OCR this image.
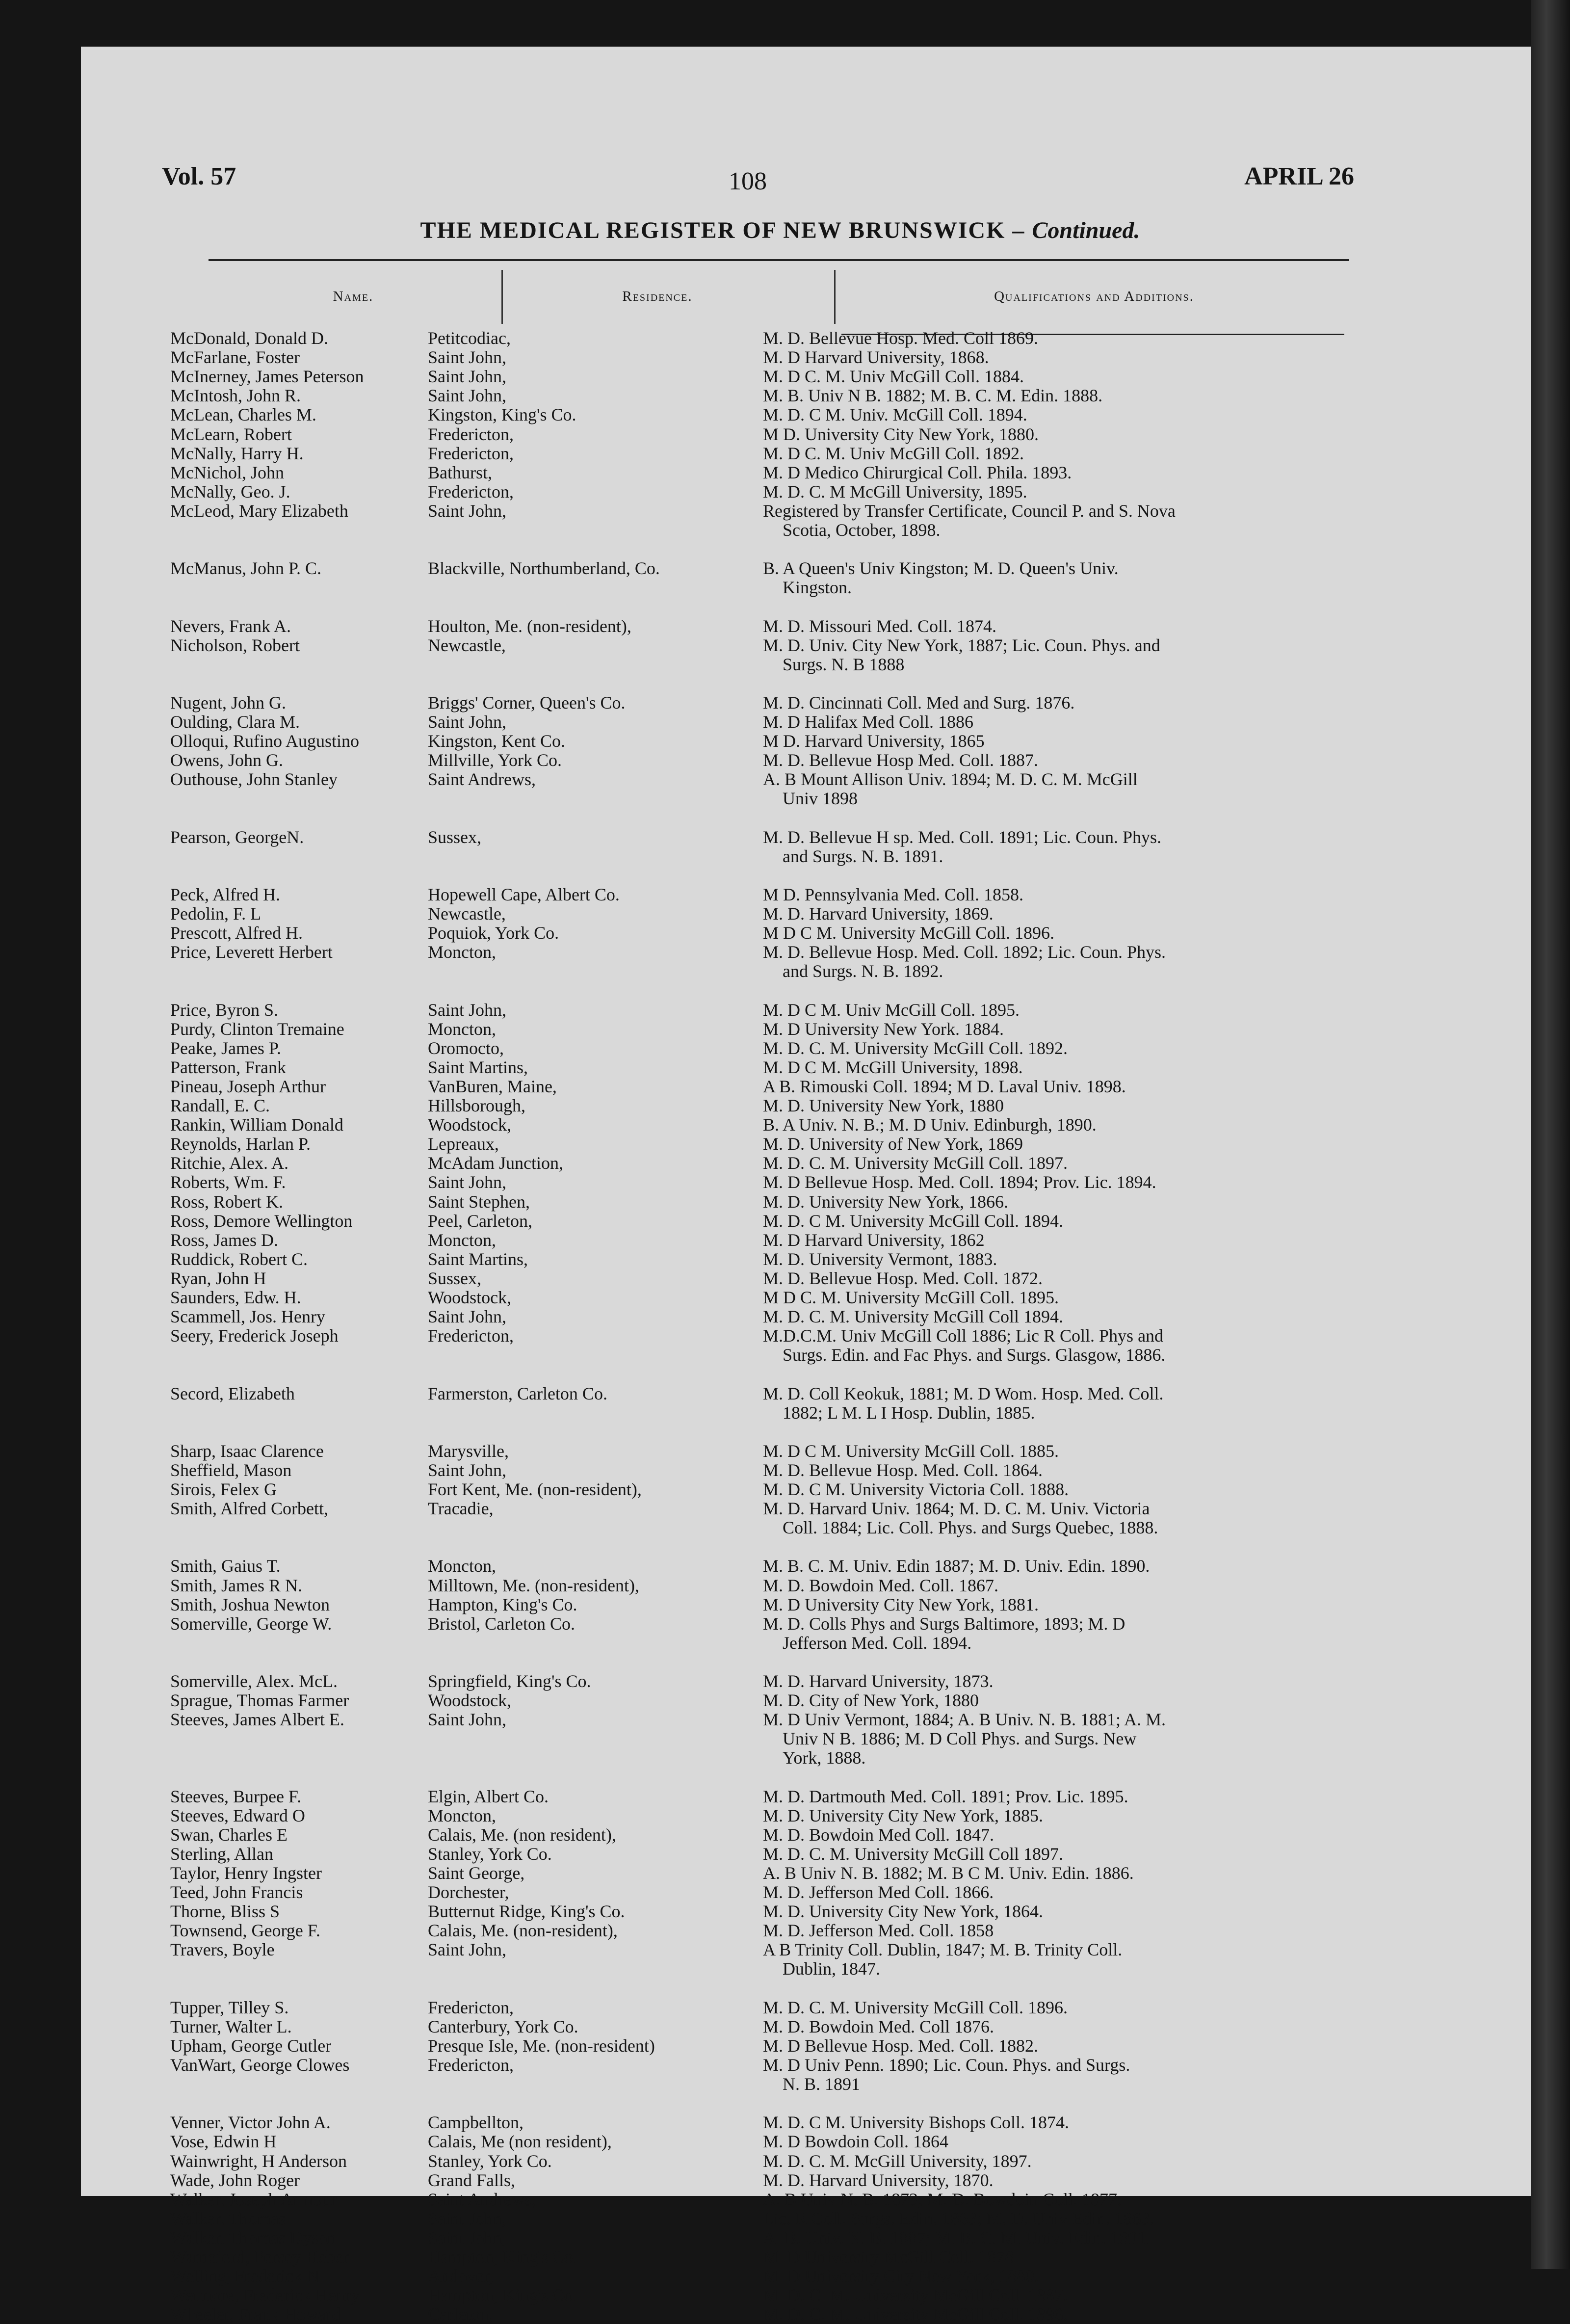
Vol. 57	108	APRIL 26
THE MEDICAL REGISTER OF NEW BRUNSWICK – Continued.
Name.	Residence.	Qualifications and Additions.
McDonald, Donald D.	Petitcodiac,	M. D. Bellevue Hosp. Med. Coll 1869.
McFarlane, Foster	Saint John,	M. D Harvard University, 1868.
McInerney, James Peterson	Saint John,	M. D C. M. Univ McGill Coll. 1884.
McIntosh, John R.	Saint John,	M. B. Univ N B. 1882; M. B. C. M. Edin. 1888.
McLean, Charles M.	Kingston, King's Co.	M. D. C M. Univ. McGill Coll. 1894.
McLearn, Robert	Fredericton,	M D. University City New York, 1880.
McNally, Harry H.	Fredericton,	M. D C. M. Univ McGill Coll. 1892.
McNichol, John	Bathurst,	M. D Medico Chirurgical Coll. Phila. 1893.
McNally, Geo. J.	Fredericton,	M. D. C. M McGill University, 1895.
McLeod, Mary Elizabeth	Saint John,	Registered by Transfer Certificate, Council P. and S. Nova
Scotia, October, 1898.
McManus, John P. C.	Blackville, Northumberland, Co.	B. A Queen's Univ Kingston; M. D. Queen's Univ.
Kingston.
Nevers, Frank A.	Houlton, Me. (non-resident),	M. D. Missouri Med. Coll. 1874.
Nicholson, Robert	Newcastle,	M. D. Univ. City New York, 1887; Lic. Coun. Phys. and
Surgs. N. B 1888
Nugent, John G.	Briggs' Corner, Queen's Co.	M. D. Cincinnati Coll. Med and Surg. 1876.
Oulding, Clara M.	Saint John,	M. D Halifax Med Coll. 1886
Olloqui, Rufino Augustino	Kingston, Kent Co.	M D. Harvard University, 1865
Owens, John G.	Millville, York Co.	M. D. Bellevue Hosp Med. Coll. 1887.
Outhouse, John Stanley	Saint Andrews,	A. B Mount Allison Univ. 1894; M. D. C. M. McGill
Univ 1898
Pearson, GeorgeN.	Sussex,	M. D. Bellevue H sp. Med. Coll. 1891; Lic. Coun. Phys.
and Surgs. N. B. 1891.
Peck, Alfred H.	Hopewell Cape, Albert Co.	M D. Pennsylvania Med. Coll. 1858.
Pedolin, F. L	Newcastle,	M. D. Harvard University, 1869.
Prescott, Alfred H.	Poquiok, York Co.	M D C M. University McGill Coll. 1896.
Price, Leverett Herbert	Moncton,	M. D. Bellevue Hosp. Med. Coll. 1892; Lic. Coun. Phys.
and Surgs. N. B. 1892.
Price, Byron S.	Saint John,	M. D C M. Univ McGill Coll. 1895.
Purdy, Clinton Tremaine	Moncton,	M. D University New York. 1884.
Peake, James P.	Oromocto,	M. D. C. M. University McGill Coll. 1892.
Patterson, Frank	Saint Martins,	M. D C M. McGill University, 1898.
Pineau, Joseph Arthur	VanBuren, Maine,	A B. Rimouski Coll. 1894; M D. Laval Univ. 1898.
Randall, E. C.	Hillsborough,	M. D. University New York, 1880
Rankin, William Donald	Woodstock,	B. A Univ. N. B.; M. D Univ. Edinburgh, 1890.
Reynolds, Harlan P.	Lepreaux,	M. D. University of New York, 1869
Ritchie, Alex. A.	McAdam Junction,	M. D. C. M. University McGill Coll. 1897.
Roberts, Wm. F.	Saint John,	M. D Bellevue Hosp. Med. Coll. 1894; Prov. Lic. 1894.
Ross, Robert K.	Saint Stephen,	M. D. University New York, 1866.
Ross, Demore Wellington	Peel, Carleton,	M. D. C M. University McGill Coll. 1894.
Ross, James D.	Moncton,	M. D Harvard University, 1862
Ruddick, Robert C.	Saint Martins,	M. D. University Vermont, 1883.
Ryan, John H	Sussex,	M. D. Bellevue Hosp. Med. Coll. 1872.
Saunders, Edw. H.	Woodstock,	M D C. M. University McGill Coll. 1895.
Scammell, Jos. Henry	Saint John,	M. D. C. M. University McGill Coll 1894.
Seery, Frederick Joseph	Fredericton,	M.D.C.M. Univ McGill Coll 1886; Lic R Coll. Phys and
Surgs. Edin. and Fac Phys. and Surgs. Glasgow, 1886.
Secord, Elizabeth	Farmerston, Carleton Co.	M. D. Coll Keokuk, 1881; M. D Wom. Hosp. Med. Coll.
1882; L M. L I Hosp. Dublin, 1885.
Sharp, Isaac Clarence	Marysville,	M. D C M. University McGill Coll. 1885.
Sheffield, Mason	Saint John,	M. D. Bellevue Hosp. Med. Coll. 1864.
Sirois, Felex G	Fort Kent, Me. (non-resident),	M. D. C M. University Victoria Coll. 1888.
Smith, Alfred Corbett,	Tracadie,	M. D. Harvard Univ. 1864; M. D. C. M. Univ. Victoria
Coll. 1884; Lic. Coll. Phys. and Surgs Quebec, 1888.
Smith, Gaius T.	Moncton,	M. B. C. M. Univ. Edin 1887; M. D. Univ. Edin. 1890.
Smith, James R N.	Milltown, Me. (non-resident),	M. D. Bowdoin Med. Coll. 1867.
Smith, Joshua Newton	Hampton, King's Co.	M. D University City New York, 1881.
Somerville, George W.	Bristol, Carleton Co.	M. D. Colls Phys and Surgs Baltimore, 1893; M. D
Jefferson Med. Coll. 1894.
Somerville, Alex. McL.	Springfield, King's Co.	M. D. Harvard University, 1873.
Sprague, Thomas Farmer	Woodstock,	M. D. City of New York, 1880
Steeves, James Albert E.	Saint John,	M. D Univ Vermont, 1884; A. B Univ. N. B. 1881; A. M.
Univ N B. 1886; M. D Coll Phys. and Surgs. New
York, 1888.
Steeves, Burpee F.	Elgin, Albert Co.	M. D. Dartmouth Med. Coll. 1891; Prov. Lic. 1895.
Steeves, Edward O	Moncton,	M. D. University City New York, 1885.
Swan, Charles E	Calais, Me. (non resident),	M. D. Bowdoin Med Coll. 1847.
Sterling, Allan	Stanley, York Co.	M. D. C. M. University McGill Coll 1897.
Taylor, Henry Ingster	Saint George,	A. B Univ N. B. 1882; M. B C M. Univ. Edin. 1886.
Teed, John Francis	Dorchester,	M. D. Jefferson Med Coll. 1866.
Thorne, Bliss S	Butternut Ridge, King's Co.	M. D. University City New York, 1864.
Townsend, George F.	Calais, Me. (non-resident),	M. D. Jefferson Med. Coll. 1858
Travers, Boyle	Saint John,	A B Trinity Coll. Dublin, 1847; M. B. Trinity Coll.
Dublin, 1847.
Tupper, Tilley S.	Fredericton,	M. D. C. M. University McGill Coll. 1896.
Turner, Walter L.	Canterbury, York Co.	M. D. Bowdoin Med. Coll 1876.
Upham, George Cutler	Presque Isle, Me. (non-resident)	M. D Bellevue Hosp. Med. Coll. 1882.
VanWart, George Clowes	Fredericton,	M. D Univ Penn. 1890; Lic. Coun. Phys. and Surgs.
N. B. 1891
Venner, Victor John A.	Campbellton,	M. D. C M. University Bishops Coll. 1874.
Vose, Edwin H	Calais, Me (non resident),	M. D Bowdoin Coll. 1864
Wainwright, H Anderson	Stanley, York Co.	M. D. C. M. McGill University, 1897.
Wade, John Roger	Grand Falls,	M. D. Harvard University, 1870.
Walker, Joseph Armour	Saint Andrews,	A. B Univ N. B. 1873; M. D. Bowdoin Coll. 1877.
Walker, Thomas	Saint John,	Lic. R Coll. Surgs. Edin. 1863; M. D. Univ Edin. 1863.
Walker, Thomas Dyson	Saint John,	A. B. Univ. N. B. 1887; M. B. C. M. Univ. Edin. 1891.
Warneford, Persey Heber	Hampton, King's Co.	M. D University McGill Coll. 1878.
Welling, Frederick N	Andover,	M. D University City New York, 1880.
Wetmore, Frederick Henry	Hampton, King's Co.	M. D. C. M. University McGill Coll. 1887.
Wheeler, Frank Howard	Carleton,	M. D. C. M. University McGill Coll. 1896.
